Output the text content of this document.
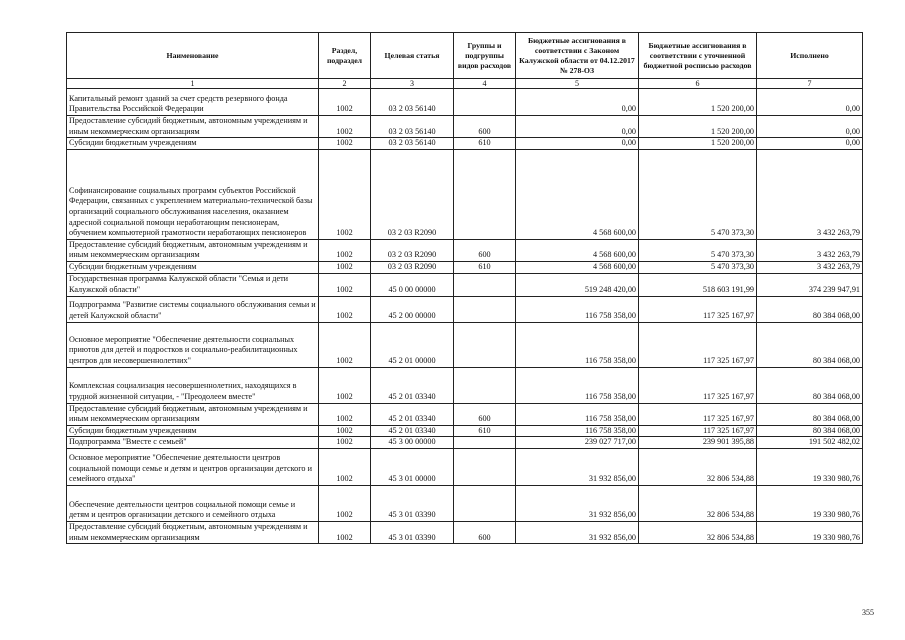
Наименование	Раздел, подраздел	Целевая статья	Группы и подгруппы видов расходов	Бюджетные ассигнования в соответствии с Законом Калужской области от 04.12.2017 № 278-ОЗ	Бюджетные ассигнования в соответствии с уточненной бюджетной росписью расходов	Исполнено
1	2	3	4	5	6	7
Капитальный ремонт зданий за счет средств резервного фонда Правительства Российской Федерации	1002	03 2 03 56140		0,00	1 520 200,00	0,00
Предоставление субсидий бюджетным, автономным учреждениям и иным некоммерческим организациям	1002	03 2 03 56140	600	0,00	1 520 200,00	0,00
Субсидии бюджетным учреждениям	1002	03 2 03 56140	610	0,00	1 520 200,00	0,00
Софинансирование социальных программ субъектов Российской Федерации, связанных с укреплением материально-технической базы организаций социального обслуживания населения, оказанием адресной социальной помощи неработающим пенсионерам, обучением компьютерной грамотности неработающих пенсионеров	1002	03 2 03 R2090		4 568 600,00	5 470 373,30	3 432 263,79
Предоставление субсидий бюджетным, автономным учреждениям и иным некоммерческим организациям	1002	03 2 03 R2090	600	4 568 600,00	5 470 373,30	3 432 263,79
Субсидии бюджетным учреждениям	1002	03 2 03 R2090	610	4 568 600,00	5 470 373,30	3 432 263,79
Государственная программа Калужской области "Семья и дети Калужской области"	1002	45 0 00 00000		519 248 420,00	518 603 191,99	374 239 947,91
Подпрограмма "Развитие системы социального обслуживания семьи и детей Калужской области"	1002	45 2 00 00000		116 758 358,00	117 325 167,97	80 384 068,00
Основное мероприятие "Обеспечение деятельности социальных приютов для детей и подростков и социально-реабилитационных центров для несовершеннолетних"	1002	45 2 01 00000		116 758 358,00	117 325 167,97	80 384 068,00
Комплексная социализация несовершеннолетних, находящихся в трудной жизненной ситуации, - "Преодолеем вместе"	1002	45 2 01 03340		116 758 358,00	117 325 167,97	80 384 068,00
Предоставление субсидий бюджетным, автономным учреждениям и иным некоммерческим организациям	1002	45 2 01 03340	600	116 758 358,00	117 325 167,97	80 384 068,00
Субсидии бюджетным учреждениям	1002	45 2 01 03340	610	116 758 358,00	117 325 167,97	80 384 068,00
Подпрограмма "Вместе с семьей"	1002	45 3 00 00000		239 027 717,00	239 901 395,88	191 502 482,02
Основное мероприятие "Обеспечение деятельности центров социальной помощи семье и детям и центров организации детского и семейного отдыха"	1002	45 3 01 00000		31 932 856,00	32 806 534,88	19 330 980,76
Обеспечение деятельности центров социальной помощи семье и детям и центров организации детского и семейного отдыха	1002	45 3 01 03390		31 932 856,00	32 806 534,88	19 330 980,76
Предоставление субсидий бюджетным, автономным учреждениям и иным некоммерческим организациям	1002	45 3 01 03390	600	31 932 856,00	32 806 534,88	19 330 980,76
355
